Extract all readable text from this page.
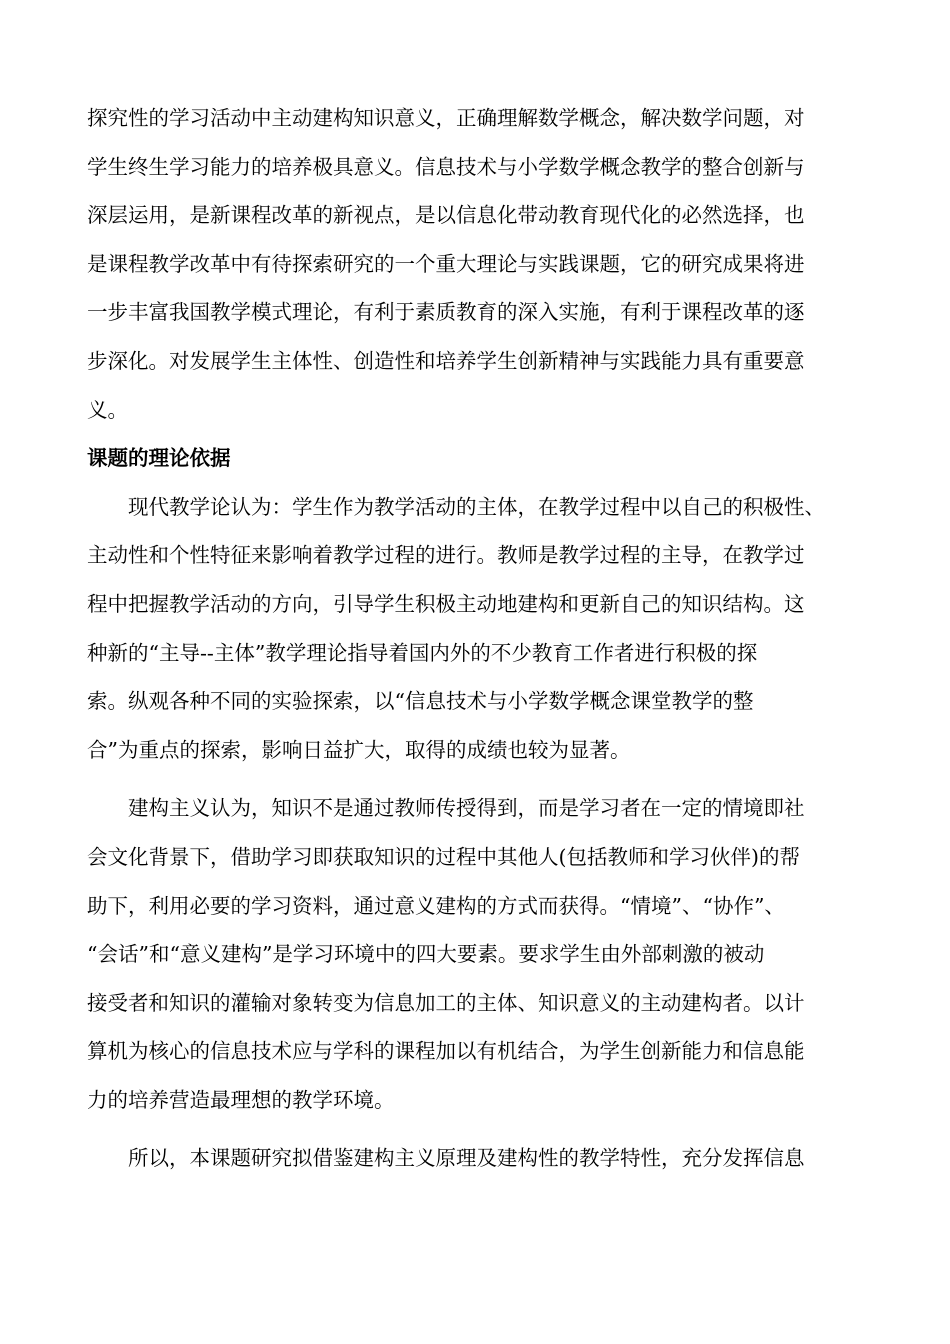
探究性的学习活动中主动建构知识意义，正确理解数学概念，解决数学问题，对
学生终生学习能力的培养极具意义。信息技术与小学数学概念教学的整合创新与
深层运用，是新课程改革的新视点，是以信息化带动教育现代化的必然选择，也
是课程教学改革中有待探索研究的一个重大理论与实践课题，它的研究成果将进
一步丰富我国教学模式理论，有利于素质教育的深入实施，有利于课程改革的逐
步深化。对发展学生主体性、创造性和培养学生创新精神与实践能力具有重要意
义。
课题的理论依据
现代教学论认为：学生作为教学活动的主体，在教学过程中以自己的积极性、
主动性和个性特征来影响着教学过程的进行。教师是教学过程的主导，在教学过
程中把握教学活动的方向，引导学生积极主动地建构和更新自己的知识结构。这
种新的“主导--主体”教学理论指导着国内外的不少教育工作者进行积极的探
索。纵观各种不同的实验探索，以“信息技术与小学数学概念课堂教学的整
合”为重点的探索，影响日益扩大，取得的成绩也较为显著。
建构主义认为，知识不是通过教师传授得到，而是学习者在一定的情境即社
会文化背景下，借助学习即获取知识的过程中其他人(包括教师和学习伙伴)的帮
助下，利用必要的学习资料，通过意义建构的方式而获得。“情境”、“协作”、
“会话”和“意义建构”是学习环境中的四大要素。要求学生由外部刺激的被动
接受者和知识的灌输对象转变为信息加工的主体、知识意义的主动建构者。以计
算机为核心的信息技术应与学科的课程加以有机结合，为学生创新能力和信息能
力的培养营造最理想的教学环境。
所以，本课题研究拟借鉴建构主义原理及建构性的教学特性，充分发挥信息
